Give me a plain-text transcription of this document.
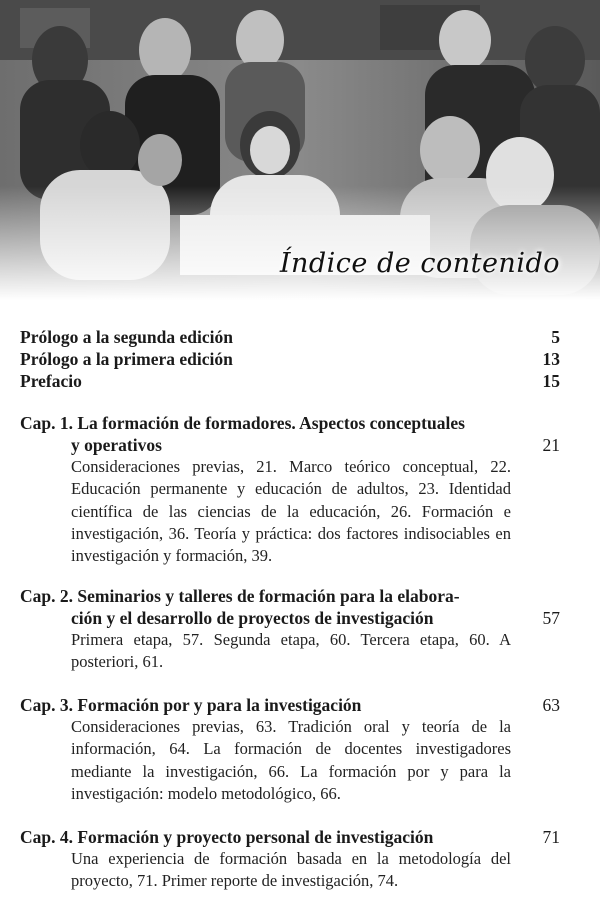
Índice de contenido
Prólogo a la segunda edición	5
Prólogo a la primera edición	13
Prefacio	15
Cap. 1. La formación de formadores. Aspectos conceptuales
y operativos	21
Consideraciones previas, 21. Marco teórico conceptual, 22. Educación permanente y educación de adultos, 23. Identidad científica de las ciencias de la educación, 26. Formación e investigación, 36. Teoría y práctica: dos factores indisociables en investigación y formación, 39.
Cap. 2. Seminarios y talleres de formación para la elabora-
ción y el desarrollo de proyectos de investigación	57
Primera etapa, 57. Segunda etapa, 60. Tercera etapa, 60. A posteriori, 61.
Cap. 3. Formación por y para la investigación	63
Consideraciones previas, 63. Tradición oral y teoría de la información, 64. La formación de docentes investigadores mediante la investigación, 66. La formación por y para la investigación: modelo metodológico, 66.
Cap. 4. Formación y proyecto personal de investigación	71
Una experiencia de formación basada en la metodología del proyecto, 71. Primer reporte de investigación, 74.
